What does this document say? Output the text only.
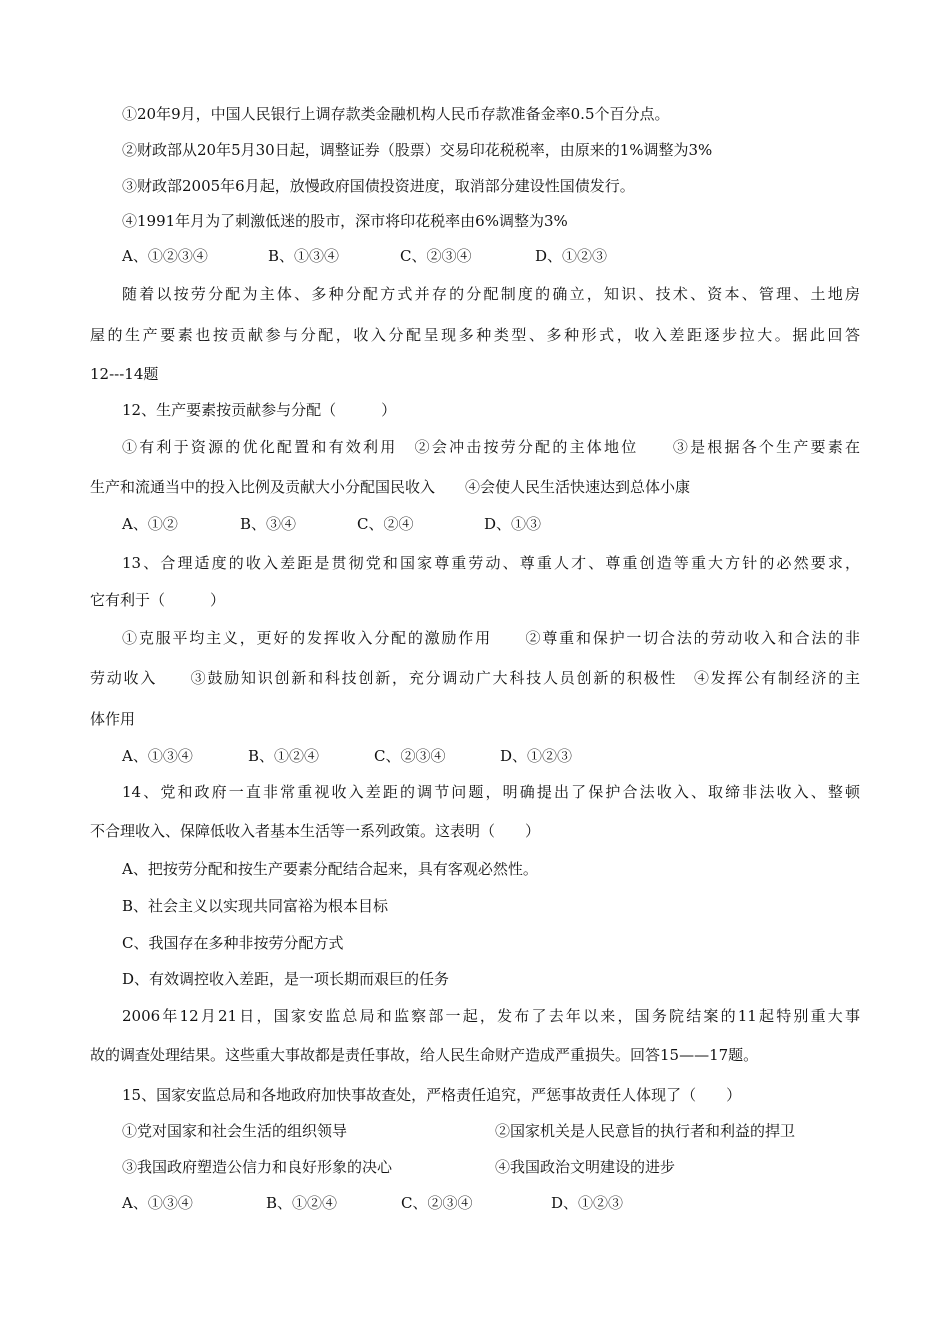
①20年9月，中国人民银行上调存款类金融机构人民币存款准备金率0.5个百分点。
②财政部从20年5月30日起，调整证券（股票）交易印花税税率，由原来的1%调整为3%
③财政部2005年6月起，放慢政府国债投资进度，取消部分建设性国债发行。
④1991年月为了刺激低迷的股市，深市将印花税率由6%调整为3%
A、①②③④	B、①③④	C、②③④	D、①②③
随着以按劳分配为主体、多种分配方式并存的分配制度的确立，知识、技术、资本、管理、土地房
屋的生产要素也按贡献参与分配，收入分配呈现多种类型、多种形式，收入差距逐步拉大。据此回答
12---14题
12、生产要素按贡献参与分配（　　　）
①有利于资源的优化配置和有效利用　②会冲击按劳分配的主体地位　　③是根据各个生产要素在
生产和流通当中的投入比例及贡献大小分配国民收入　　④会使人民生活快速达到总体小康
A、①②	B、③④	C、②④	D、①③
13、合理适度的收入差距是贯彻党和国家尊重劳动、尊重人才、尊重创造等重大方针的必然要求，
它有利于（　　　）
①克服平均主义，更好的发挥收入分配的激励作用　　②尊重和保护一切合法的劳动收入和合法的非
劳动收入　　③鼓励知识创新和科技创新，充分调动广大科技人员创新的积极性　④发挥公有制经济的主
体作用
A、①③④	B、①②④	C、②③④	D、①②③
14、党和政府一直非常重视收入差距的调节问题，明确提出了保护合法收入、取缔非法收入、整顿
不合理收入、保障低收入者基本生活等一系列政策。这表明（　　）
A、把按劳分配和按生产要素分配结合起来，具有客观必然性。
B、社会主义以实现共同富裕为根本目标
C、我国存在多种非按劳分配方式
D、有效调控收入差距，是一项长期而艰巨的任务
2006年12月21日，国家安监总局和监察部一起，发布了去年以来，国务院结案的11起特别重大事
故的调查处理结果。这些重大事故都是责任事故，给人民生命财产造成严重损失。回答15——17题。
15、国家安监总局和各地政府加快事故查处，严格责任追究，严惩事故责任人体现了（　　）
①党对国家和社会生活的组织领导	②国家机关是人民意旨的执行者和利益的捍卫
③我国政府塑造公信力和良好形象的决心	④我国政治文明建设的进步
A、①③④	B、①②④	C、②③④	D、①②③
